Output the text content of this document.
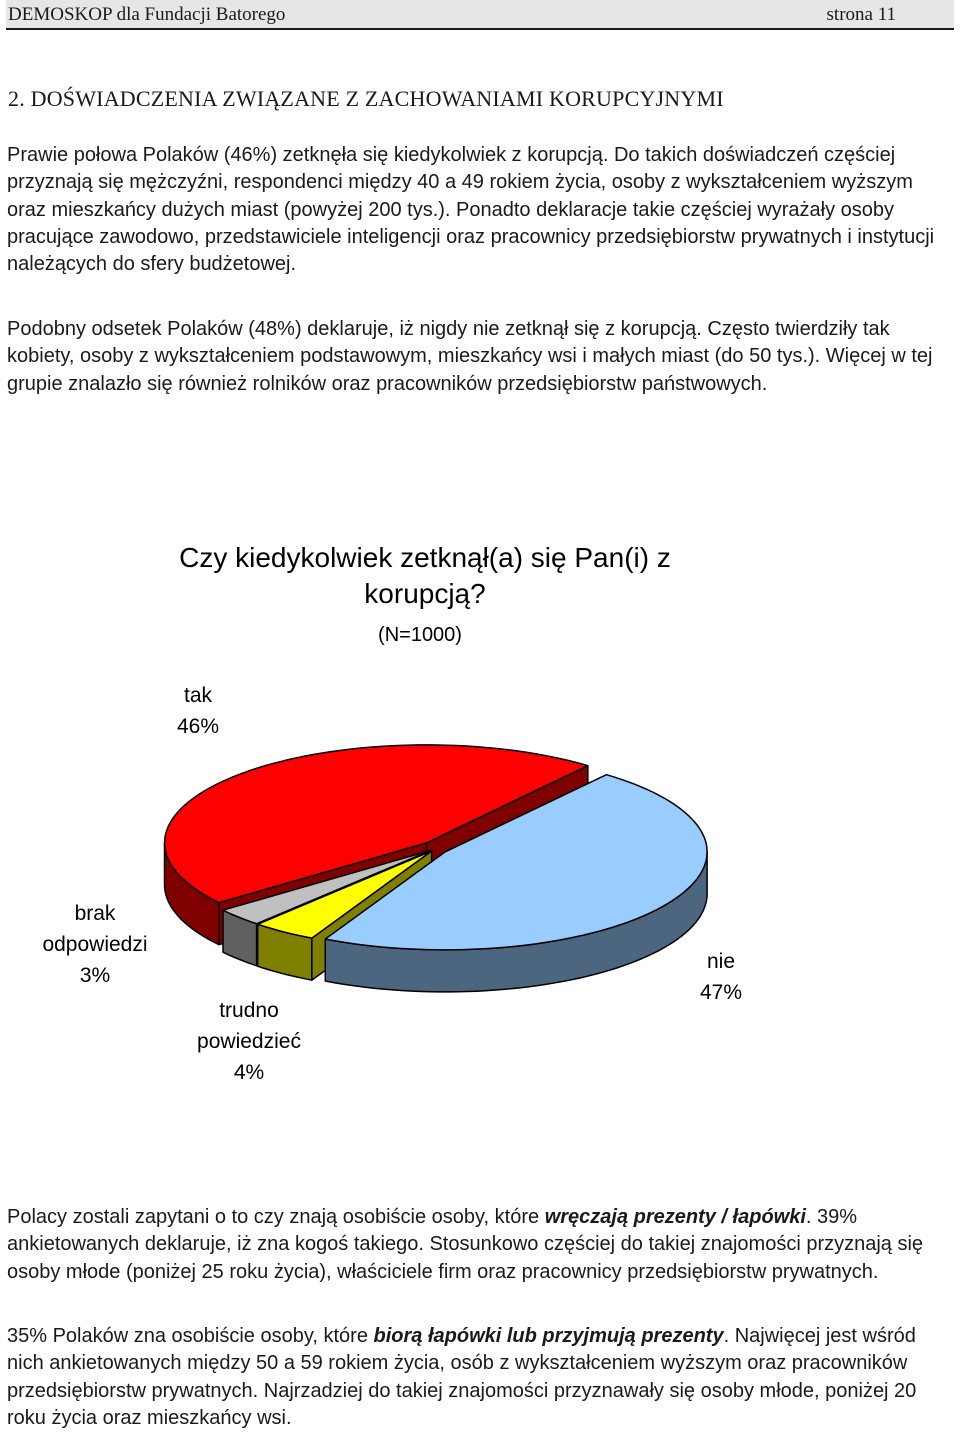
DEMOSKOP dla Fundacji Batorego	strona 11
2. DOŚWIADCZENIA ZWIĄZANE Z ZACHOWANIAMI KORUPCYJNYMI

Prawie połowa Polaków (46%) zetknęła się kiedykolwiek z korupcją. Do takich doświadczeń częściej przyznają się mężczyźni, respondenci między 40 a 49 rokiem życia, osoby z wykształceniem wyższym oraz mieszkańcy dużych miast (powyżej 200 tys.). Ponadto deklaracje takie częściej wyrażały osoby pracujące zawodowo, przedstawiciele inteligencji oraz pracownicy przedsiębiorstw prywatnych i instytucji należących do sfery budżetowej.

Podobny odsetek Polaków (48%) deklaruje, iż nigdy nie zetknął się z korupcją. Często twierdziły tak kobiety, osoby z wykształceniem podstawowym, mieszkańcy wsi i małych miast (do 50 tys.). Więcej w tej grupie znalazło się również rolników oraz pracowników przedsiębiorstw państwowych.

Czy kiedykolwiek zetknął(a) się Pan(i) z korupcją?
(N=1000)
tak
46%
brak odpowiedzi
3%
trudno powiedzieć
4%
nie
47%

Polacy zostali zapytani o to czy znają osobiście osoby, które wręczają prezenty / łapówki. 39% ankietowanych deklaruje, iż zna kogoś takiego. Stosunkowo częściej do takiej znajomości przyznają się osoby młode (poniżej 25 roku życia), właściciele firm oraz pracownicy przedsiębiorstw prywatnych.

35% Polaków zna osobiście osoby, które biorą łapówki lub przyjmują prezenty. Najwięcej jest wśród nich ankietowanych między 50 a 59 rokiem życia, osób z wykształceniem wyższym oraz pracowników przedsiębiorstw prywatnych. Najrzadziej do takiej znajomości przyznawały się osoby młode, poniżej 20 roku życia oraz mieszkańcy wsi.
